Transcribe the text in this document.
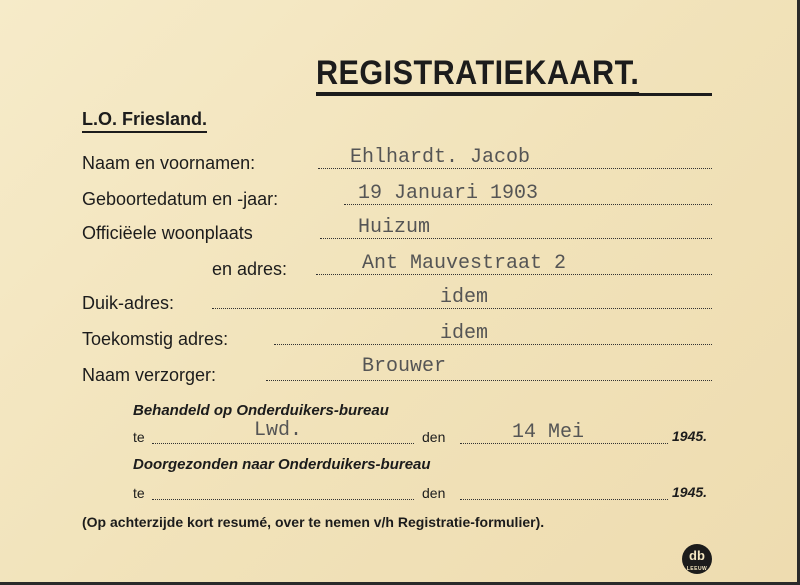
REGISTRATIEKAART.
L.O. Friesland.
Naam en voornamen:	Ehlhardt. Jacob
Geboortedatum en -jaar:	19 Januari 1903
Officiëele woonplaats	Huizum
en adres:	Ant Mauvestraat 2
Duik-adres:	idem
Toekomstig adres:	idem
Naam verzorger:	Brouwer
Behandeld op Onderduikers-bureau
te	Lwd.	den	14 Mei	1945.
Doorgezonden naar Onderduikers-bureau
te	den	1945.
(Op achterzijde kort resumé, over te nemen v/h Registratie-formulier).
db
LEEUW
